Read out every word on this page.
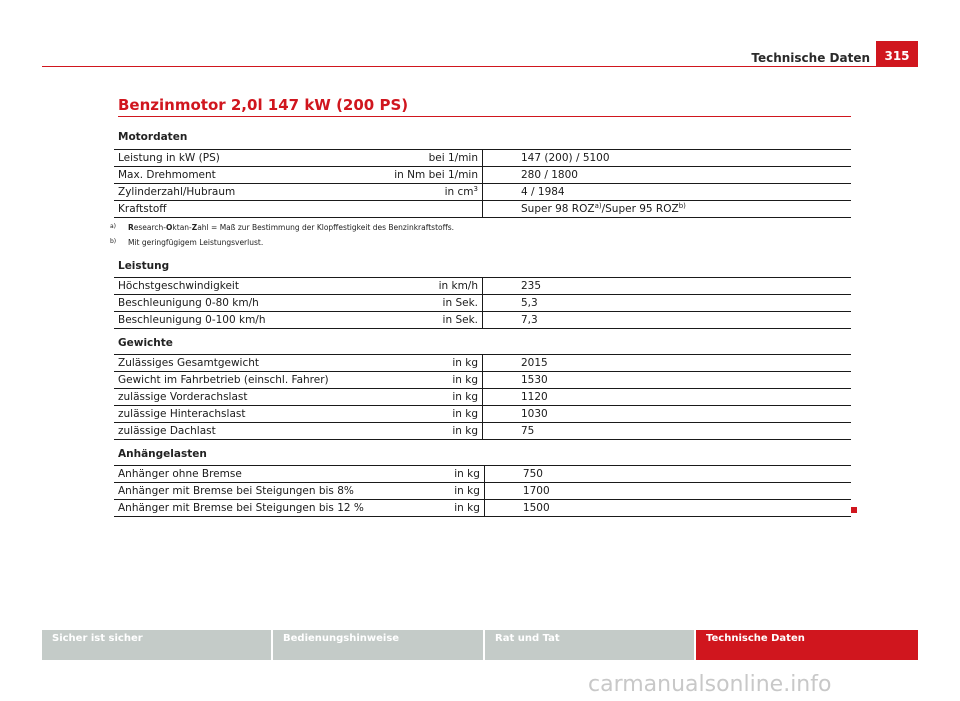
Technische Daten	315
Benzinmotor 2,0l 147 kW (200 PS)
Motordaten
Leistung in kW (PS)	bei 1/min	147 (200) / 5100
Max. Drehmoment	in Nm bei 1/min	280 / 1800
Zylinderzahl/Hubraum	in $cm^3$	4 / 1984
Kraftstoff		Super 98 ROZ$^{a)}$/Super 95 ROZ$^{b)}$
a) Research-Oktan-Zahl = Maß zur Bestimmung der Klopffestigkeit des Benzinkraftstoffs.
b) Mit geringfügigem Leistungsverlust.
Leistung
Höchstgeschwindigkeit	in km/h	235
Beschleunigung 0-80 km/h	in Sek.	5,3
Beschleunigung 0-100 km/h	in Sek.	7,3
Gewichte
Zulässiges Gesamtgewicht	in kg	2015
Gewicht im Fahrbetrieb (einschl. Fahrer)	in kg	1530
zulässige Vorderachslast	in kg	1120
zulässige Hinterachslast	in kg	1030
zulässige Dachlast	in kg	75
Anhängelasten
Anhänger ohne Bremse	in kg	750
Anhänger mit Bremse bei Steigungen bis 8%	in kg	1700
Anhänger mit Bremse bei Steigungen bis 12 %	in kg	1500
Sicher ist sicher	Bedienungshinweise	Rat und Tat	Technische Daten
carmanualsonline.info
